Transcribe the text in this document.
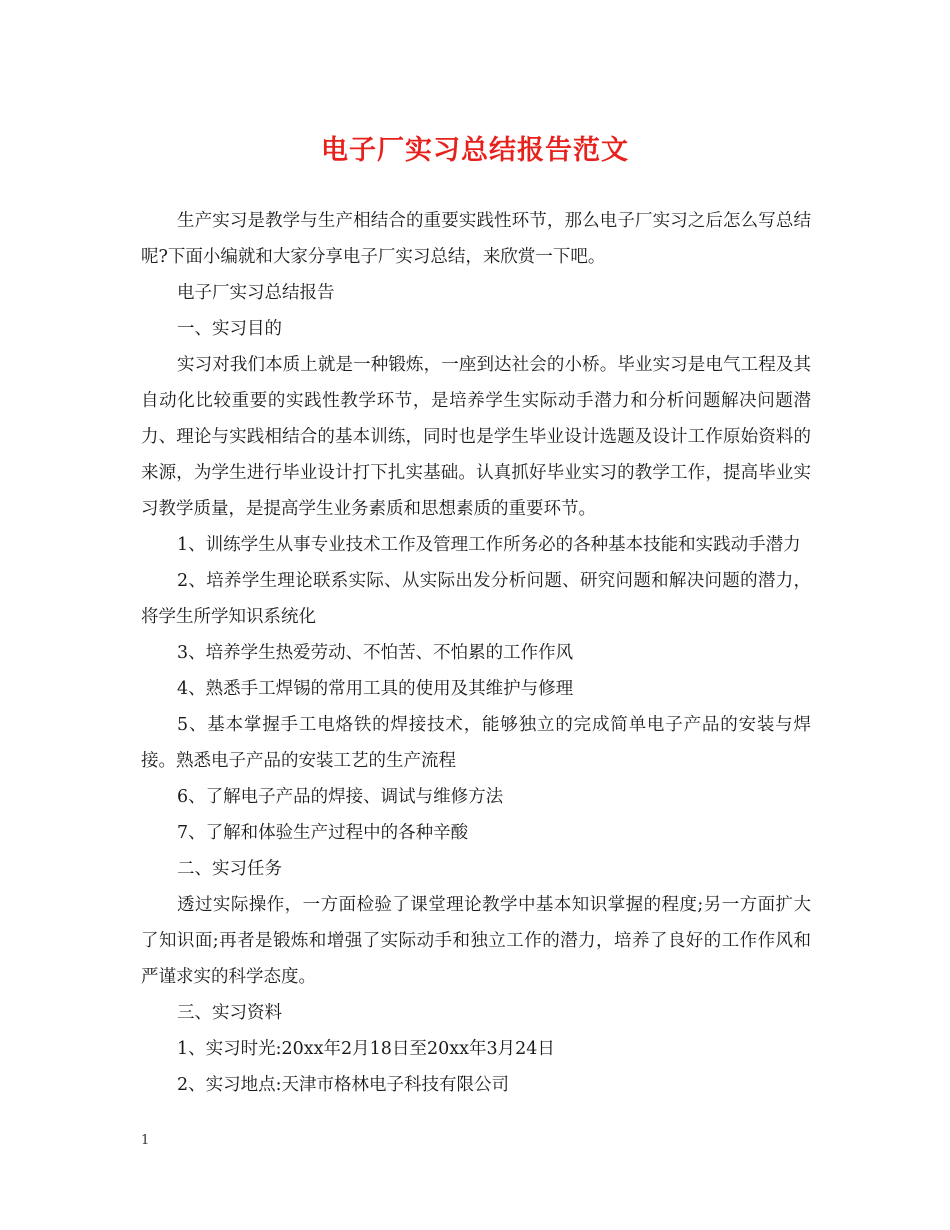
电子厂实习总结报告范文

生产实习是教学与生产相结合的重要实践性环节，那么电子厂实习之后怎么写总结呢?下面小编就和大家分享电子厂实习总结，来欣赏一下吧。

电子厂实习总结报告

一、实习目的

实习对我们本质上就是一种锻炼，一座到达社会的小桥。毕业实习是电气工程及其自动化比较重要的实践性教学环节，是培养学生实际动手潜力和分析问题解决问题潜力、理论与实践相结合的基本训练，同时也是学生毕业设计选题及设计工作原始资料的来源，为学生进行毕业设计打下扎实基础。认真抓好毕业实习的教学工作，提高毕业实习教学质量，是提高学生业务素质和思想素质的重要环节。

1、训练学生从事专业技术工作及管理工作所务必的各种基本技能和实践动手潜力

2、培养学生理论联系实际、从实际出发分析问题、研究问题和解决问题的潜力，将学生所学知识系统化

3、培养学生热爱劳动、不怕苦、不怕累的工作作风

4、熟悉手工焊锡的常用工具的使用及其维护与修理

5、基本掌握手工电烙铁的焊接技术，能够独立的完成简单电子产品的安装与焊接。熟悉电子产品的安装工艺的生产流程

6、了解电子产品的焊接、调试与维修方法

7、了解和体验生产过程中的各种辛酸

二、实习任务

透过实际操作，一方面检验了课堂理论教学中基本知识掌握的程度;另一方面扩大了知识面;再者是锻炼和增强了实际动手和独立工作的潜力，培养了良好的工作作风和严谨求实的科学态度。

三、实习资料

1、实习时光:20xx年2月18日至20xx年3月24日

2、实习地点:天津市格林电子科技有限公司

1
